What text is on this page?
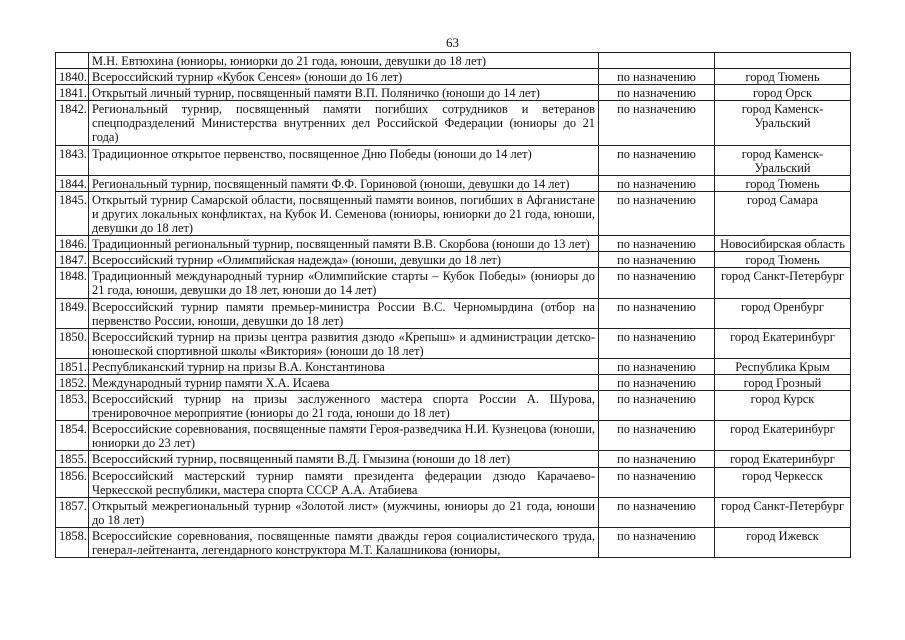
63
	М.Н. Евтюхина (юниоры, юниорки до 21 года, юноши, девушки до 18 лет)		
1840.	Всероссийский турнир «Кубок Сенсея» (юноши до 16 лет)	по назначению	город Тюмень
1841.	Открытый личный турнир, посвященный памяти В.П. Поляничко (юноши до 14 лет)	по назначению	город Орск
1842.	Региональный турнир, посвященный памяти погибших сотрудников и ветеранов спецподразделений Министерства внутренних дел Российской Федерации (юниоры до 21 года)	по назначению	город Каменск-Уральский
1843.	Традиционное открытое первенство, посвященное Дню Победы (юноши до 14 лет)	по назначению	город Каменск-Уральский
1844.	Региональный турнир, посвященный памяти Ф.Ф. Гориновой (юноши, девушки до 14 лет)	по назначению	город Тюмень
1845.	Открытый турнир Самарской области, посвященный памяти воинов, погибших в Афганистане и других локальных конфликтах, на Кубок И. Семенова (юниоры, юниорки до 21 года, юноши, девушки до 18 лет)	по назначению	город Самара
1846.	Традиционный региональный турнир, посвященный памяти В.В. Скорбова (юноши до 13 лет)	по назначению	Новосибирская область
1847.	Всероссийский турнир «Олимпийская надежда» (юноши, девушки до 18 лет)	по назначению	город Тюмень
1848.	Традиционный международный турнир «Олимпийские старты – Кубок Победы» (юниоры до 21 года, юноши, девушки до 18 лет, юноши до 14 лет)	по назначению	город Санкт-Петербург
1849.	Всероссийский турнир памяти премьер-министра России В.С. Черномырдина (отбор на первенство России, юноши, девушки до 18 лет)	по назначению	город Оренбург
1850.	Всероссийский турнир на призы центра развития дзюдо «Крепыш» и администрации детско-юношеской спортивной школы «Виктория» (юноши до 18 лет)	по назначению	город Екатеринбург
1851.	Республиканский турнир на призы В.А. Константинова	по назначению	Республика Крым
1852.	Международный турнир памяти Х.А. Исаева	по назначению	город Грозный
1853.	Всероссийский турнир на призы заслуженного мастера спорта России А. Шурова, тренировочное мероприятие (юниоры до 21 года, юноши до 18 лет)	по назначению	город Курск
1854.	Всероссийские соревнования, посвященные памяти Героя-разведчика Н.И. Кузнецова (юноши, юниорки до 23 лет)	по назначению	город Екатеринбург
1855.	Всероссийский турнир, посвященный памяти В.Д. Гмызина (юноши до 18 лет)	по назначению	город Екатеринбург
1856.	Всероссийский мастерский турнир памяти президента федерации дзюдо Карачаево-Черкесской республики, мастера спорта СССР А.А. Атабиева	по назначению	город Черкесск
1857.	Открытый межрегиональный турнир «Золотой лист» (мужчины, юниоры до 21 года, юноши до 18 лет)	по назначению	город Санкт-Петербург
1858.	Всероссийские соревнования, посвященные памяти дважды героя социалистического труда, генерал-лейтенанта, легендарного конструктора М.Т. Калашникова (юниоры,	по назначению	город Ижевск
